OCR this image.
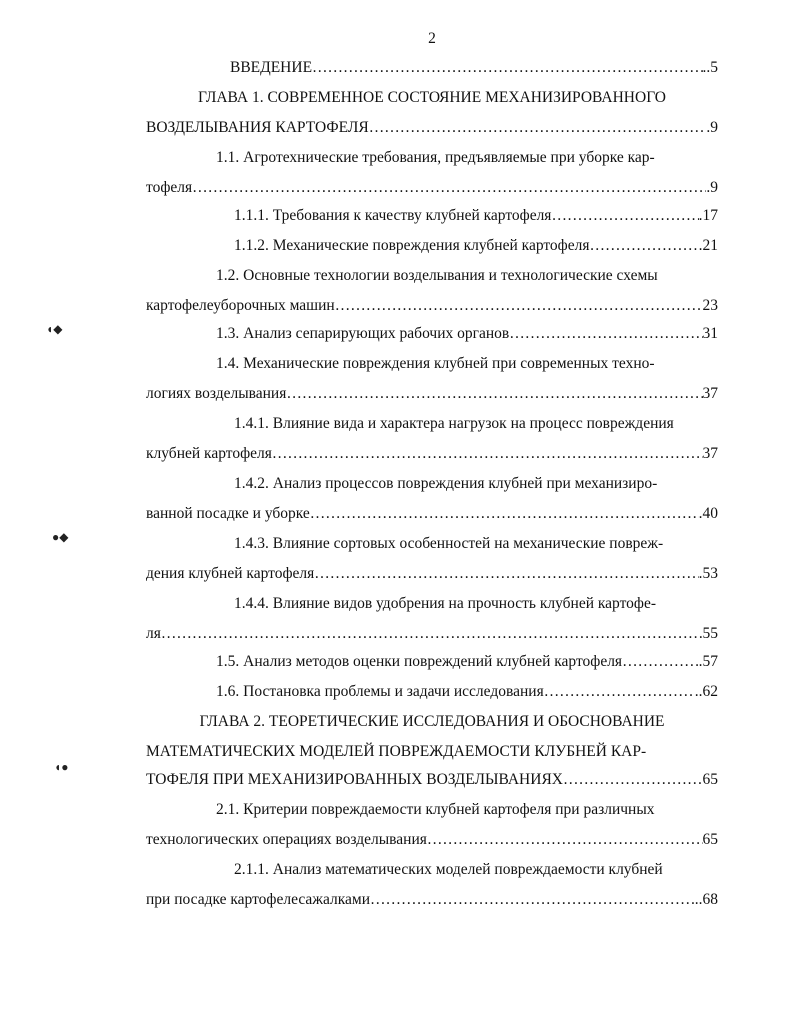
2
ВВЕДЕНИЕ ………………………………………………………………………………………………………………………………………………………………………………	..5
ГЛАВА 1. СОВРЕМЕННОЕ СОСТОЯНИЕ МЕХАНИЗИРОВАННОГО
ВОЗДЕЛЫВАНИЯ КАРТОФЕЛЯ ………………………………………………………………………………………………………………………………………………………………………………	.9
1.1. Агротехнические требования, предъявляемые при уборке кар-
тофеля ………………………………………………………………………………………………………………………………………………………………………………	.9
1.1.1. Требования к качеству клубней картофеля ………………………………………………………………………………………………………………………………………………………………………………	.17
1.1.2. Механические повреждения клубней картофеля ………………………………………………………………………………………………………………………………………………………………………………	21
1.2. Основные технологии возделывания и технологические схемы
картофелеуборочных машин ………………………………………………………………………………………………………………………………………………………………………………	23
1.3. Анализ сепарирующих рабочих органов ………………………………………………………………………………………………………………………………………………………………………………	31
1.4. Механические повреждения клубней при современных техно-
логиях возделывания ………………………………………………………………………………………………………………………………………………………………………………	37
1.4.1. Влияние вида и характера нагрузок на процесс повреждения
клубней картофеля ………………………………………………………………………………………………………………………………………………………………………………	37
1.4.2. Анализ процессов повреждения клубней при механизиро-
ванной посадке и уборке ………………………………………………………………………………………………………………………………………………………………………………	.40
1.4.3. Влияние сортовых особенностей на механические повреж-
дения клубней картофеля ………………………………………………………………………………………………………………………………………………………………………………	.53
1.4.4. Влияние видов удобрения на прочность клубней картофе-
ля ………………………………………………………………………………………………………………………………………………………………………………	55
1.5. Анализ методов оценки повреждений клубней картофеля… ………………………………………………………………………………………………………………………………………………………………………………	.57
1.6. Постановка проблемы и задачи исследования ………………………………………………………………………………………………………………………………………………………………………………	..62
ГЛАВА 2. ТЕОРЕТИЧЕСКИЕ ИССЛЕДОВАНИЯ И ОБОСНОВАНИЕ
МАТЕМАТИЧЕСКИХ МОДЕЛЕЙ ПОВРЕЖДАЕМОСТИ КЛУБНЕЙ КАР-
ТОФЕЛЯ ПРИ МЕХАНИЗИРОВАННЫХ ВОЗДЕЛЫВАНИЯХ ………………………………………………………………………………………………………………………………………………………………………………	65
2.1. Критерии повреждаемости клубней картофеля при различных
технологических операциях возделывания ………………………………………………………………………………………………………………………………………………………………………………	65
2.1.1. Анализ математических моделей повреждаемости клубней
при посадке картофелесажалками ………………………………………………………………………………………………………………………………………………………………………………	..68
◖◆
●◆
◖●
